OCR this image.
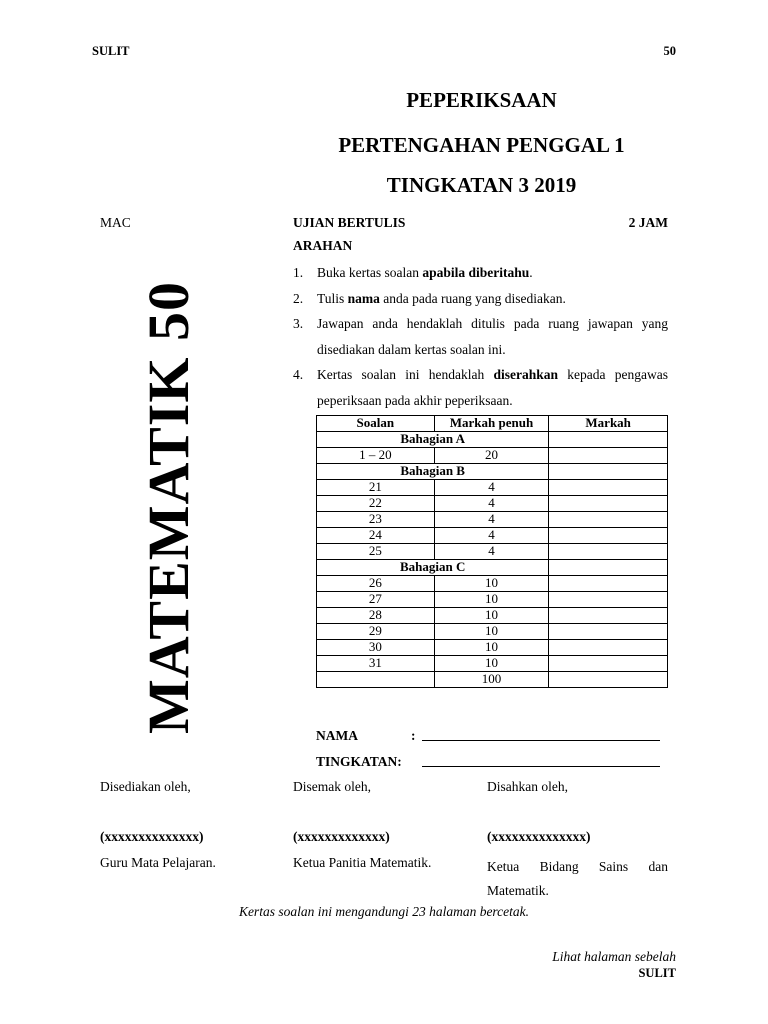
SULIT	50
PEPERIKSAAN
PERTENGAHAN PENGGAL 1
TINGKATAN 3 2019
MAC	UJIAN BERTULIS	2 JAM
MATEMATIK 50
ARAHAN
1. Buka kertas soalan apabila diberitahu.
2. Tulis nama anda pada ruang yang disediakan.
3. Jawapan anda hendaklah ditulis pada ruang jawapan yang disediakan dalam kertas soalan ini.
4. Kertas soalan ini hendaklah diserahkan kepada pengawas peperiksaan pada akhir peperiksaan.
Soalan	Markah penuh	Markah
Bahagian A		
1 – 20	20	
Bahagian B		
21	4	
22	4	
23	4	
24	4	
25	4	
Bahagian C		
26	10	
27	10	
28	10	
29	10	
30	10	
31	10	
	100	
NAMA	:
TINGKATAN:
Disediakan oleh,	Disemak oleh,	Disahkan oleh,
(xxxxxxxxxxxxxx)	(xxxxxxxxxxxxx)	(xxxxxxxxxxxxxx)
Guru Mata Pelajaran.	Ketua Panitia Matematik.	Ketua Bidang Sains dan Matematik.
Kertas soalan ini mengandungi 23 halaman bercetak.
Lihat halaman sebelah
SULIT
